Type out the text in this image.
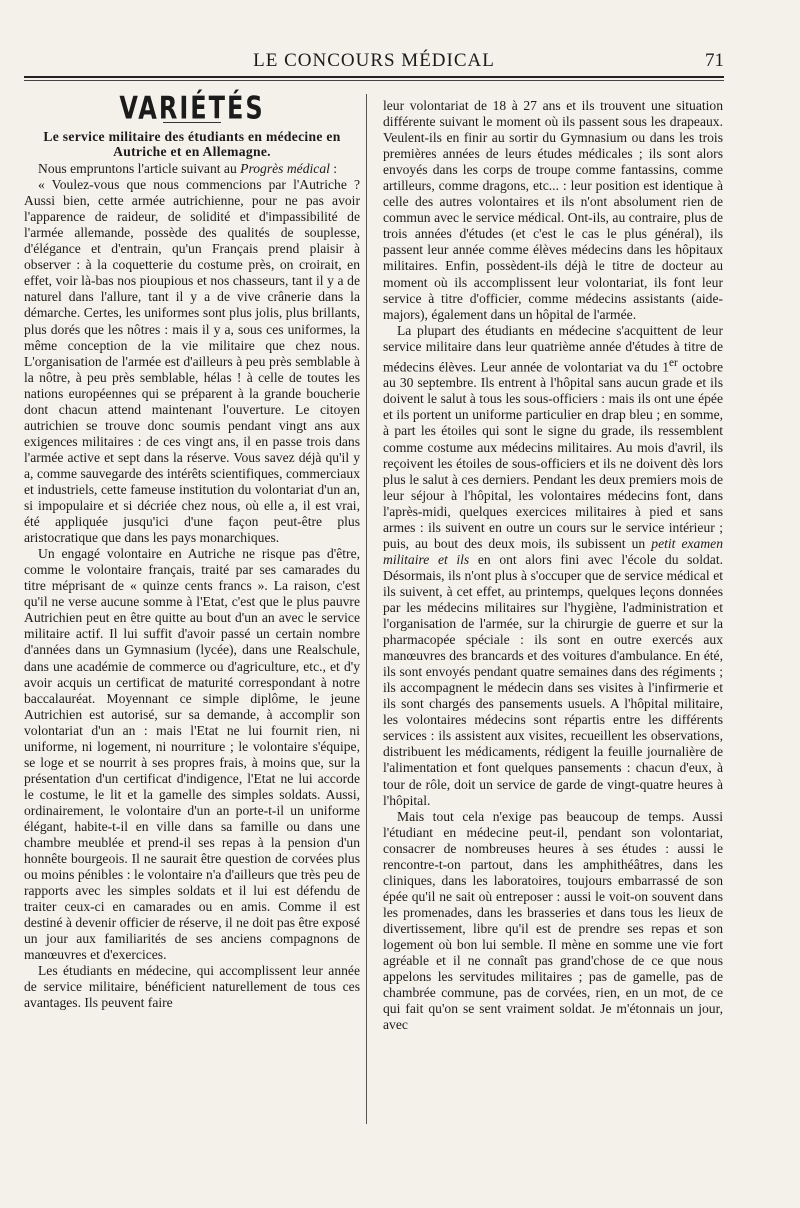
LE CONCOURS MÉDICAL	71
VARIÉTÉS
Le service militaire des étudiants en médecine en Autriche et en Allemagne.

Nous empruntons l'article suivant au Progrès médical :

« Voulez-vous que nous commencions par l'Autriche ? Aussi bien, cette armée autrichienne, pour ne pas avoir l'apparence de raideur, de solidité et d'impassibilité de l'armée allemande, possède des qualités de souplesse, d'élégance et d'entrain, qu'un Français prend plaisir à observer : à la coquetterie du costume près, on croirait, en effet, voir là-bas nos pioupious et nos chasseurs, tant il y a de naturel dans l'allure, tant il y a de vive crânerie dans la démarche. Certes, les uniformes sont plus jolis, plus brillants, plus dorés que les nôtres : mais il y a, sous ces uniformes, la même conception de la vie militaire que chez nous. L'organisation de l'armée est d'ailleurs à peu près semblable à la nôtre, à peu près semblable, hélas ! à celle de toutes les nations européennes qui se préparent à la grande boucherie dont chacun attend maintenant l'ouverture. Le citoyen autrichien se trouve donc soumis pendant vingt ans aux exigences militaires : de ces vingt ans, il en passe trois dans l'armée active et sept dans la réserve. Vous savez déjà qu'il y a, comme sauvegarde des intérêts scientifiques, commerciaux et industriels, cette fameuse institution du volontariat d'un an, si impopulaire et si décriée chez nous, où elle a, il est vrai, été appliquée jusqu'ici d'une façon peut-être plus aristocratique que dans les pays monarchiques.

Un engagé volontaire en Autriche ne risque pas d'être, comme le volontaire français, traité par ses camarades du titre méprisant de « quinze cents francs ». La raison, c'est qu'il ne verse aucune somme à l'Etat, c'est que le plus pauvre Autrichien peut en être quitte au bout d'un an avec le service militaire actif. Il lui suffit d'avoir passé un certain nombre d'années dans un Gymnasium (lycée), dans une Realschule, dans une académie de commerce ou d'agriculture, etc., et d'y avoir acquis un certificat de maturité correspondant à notre baccalauréat. Moyennant ce simple diplôme, le jeune Autrichien est autorisé, sur sa demande, à accomplir son volontariat d'un an : mais l'Etat ne lui fournit rien, ni uniforme, ni logement, ni nourriture ; le volontaire s'équipe, se loge et se nourrit à ses propres frais, à moins que, sur la présentation d'un certificat d'indigence, l'Etat ne lui accorde le costume, le lit et la gamelle des simples soldats. Aussi, ordinairement, le volontaire d'un an porte-t-il un uniforme élégant, habite-t-il en ville dans sa famille ou dans une chambre meublée et prend-il ses repas à la pension d'un honnête bourgeois. Il ne saurait être question de corvées plus ou moins pénibles : le volontaire n'a d'ailleurs que très peu de rapports avec les simples soldats et il lui est défendu de traiter ceux-ci en camarades ou en amis. Comme il est destiné à devenir officier de réserve, il ne doit pas être exposé un jour aux familiarités de ses anciens compagnons de manœuvres et d'exercices.

Les étudiants en médecine, qui accomplissent leur année de service militaire, bénéficient naturellement de tous ces avantages. Ils peuvent faire

leur volontariat de 18 à 27 ans et ils trouvent une situation différente suivant le moment où ils passent sous les drapeaux. Veulent-ils en finir au sortir du Gymnasium ou dans les trois premières années de leurs études médicales ; ils sont alors envoyés dans les corps de troupe comme fantassins, comme artilleurs, comme dragons, etc... : leur position est identique à celle des autres volontaires et ils n'ont absolument rien de commun avec le service médical. Ont-ils, au contraire, plus de trois années d'études (et c'est le cas le plus général), ils passent leur année comme élèves médecins dans les hôpitaux militaires. Enfin, possèdent-ils déjà le titre de docteur au moment où ils accomplissent leur volontariat, ils font leur service à titre d'officier, comme médecins assistants (aide-majors), également dans un hôpital de l'armée.

La plupart des étudiants en médecine s'acquittent de leur service militaire dans leur quatrième année d'études à titre de médecins élèves. Leur année de volontariat va du 1er octobre au 30 septembre. Ils entrent à l'hôpital sans aucun grade et ils doivent le salut à tous les sous-officiers : mais ils ont une épée et ils portent un uniforme particulier en drap bleu ; en somme, à part les étoiles qui sont le signe du grade, ils ressemblent comme costume aux médecins militaires. Au mois d'avril, ils reçoivent les étoiles de sous-officiers et ils ne doivent dès lors plus le salut à ces derniers. Pendant les deux premiers mois de leur séjour à l'hôpital, les volontaires médecins font, dans l'après-midi, quelques exercices militaires à pied et sans armes : ils suivent en outre un cours sur le service intérieur ; puis, au bout des deux mois, ils subissent un petit examen militaire et ils en ont alors fini avec l'école du soldat. Désormais, ils n'ont plus à s'occuper que de service médical et ils suivent, à cet effet, au printemps, quelques leçons données par les médecins militaires sur l'hygiène, l'administration et l'organisation de l'armée, sur la chirurgie de guerre et sur la pharmacopée spéciale : ils sont en outre exercés aux manœuvres des brancards et des voitures d'ambulance. En été, ils sont envoyés pendant quatre semaines dans des régiments ; ils accompagnent le médecin dans ses visites à l'infirmerie et ils sont chargés des pansements usuels. A l'hôpital militaire, les volontaires médecins sont répartis entre les différents services : ils assistent aux visites, recueillent les observations, distribuent les médicaments, rédigent la feuille journalière de l'alimentation et font quelques pansements : chacun d'eux, à tour de rôle, doit un service de garde de vingt-quatre heures à l'hôpital.

Mais tout cela n'exige pas beaucoup de temps. Aussi l'étudiant en médecine peut-il, pendant son volontariat, consacrer de nombreuses heures à ses études : aussi le rencontre-t-on partout, dans les amphithéâtres, dans les cliniques, dans les laboratoires, toujours embarrassé de son épée qu'il ne sait où entreposer : aussi le voit-on souvent dans les promenades, dans les brasseries et dans tous les lieux de divertissement, libre qu'il est de prendre ses repas et son logement où bon lui semble. Il mène en somme une vie fort agréable et il ne connaît pas grand'chose de ce que nous appelons les servitudes militaires ; pas de gamelle, pas de chambrée commune, pas de corvées, rien, en un mot, de ce qui fait qu'on se sent vraiment soldat. Je m'étonnais un jour, avec
